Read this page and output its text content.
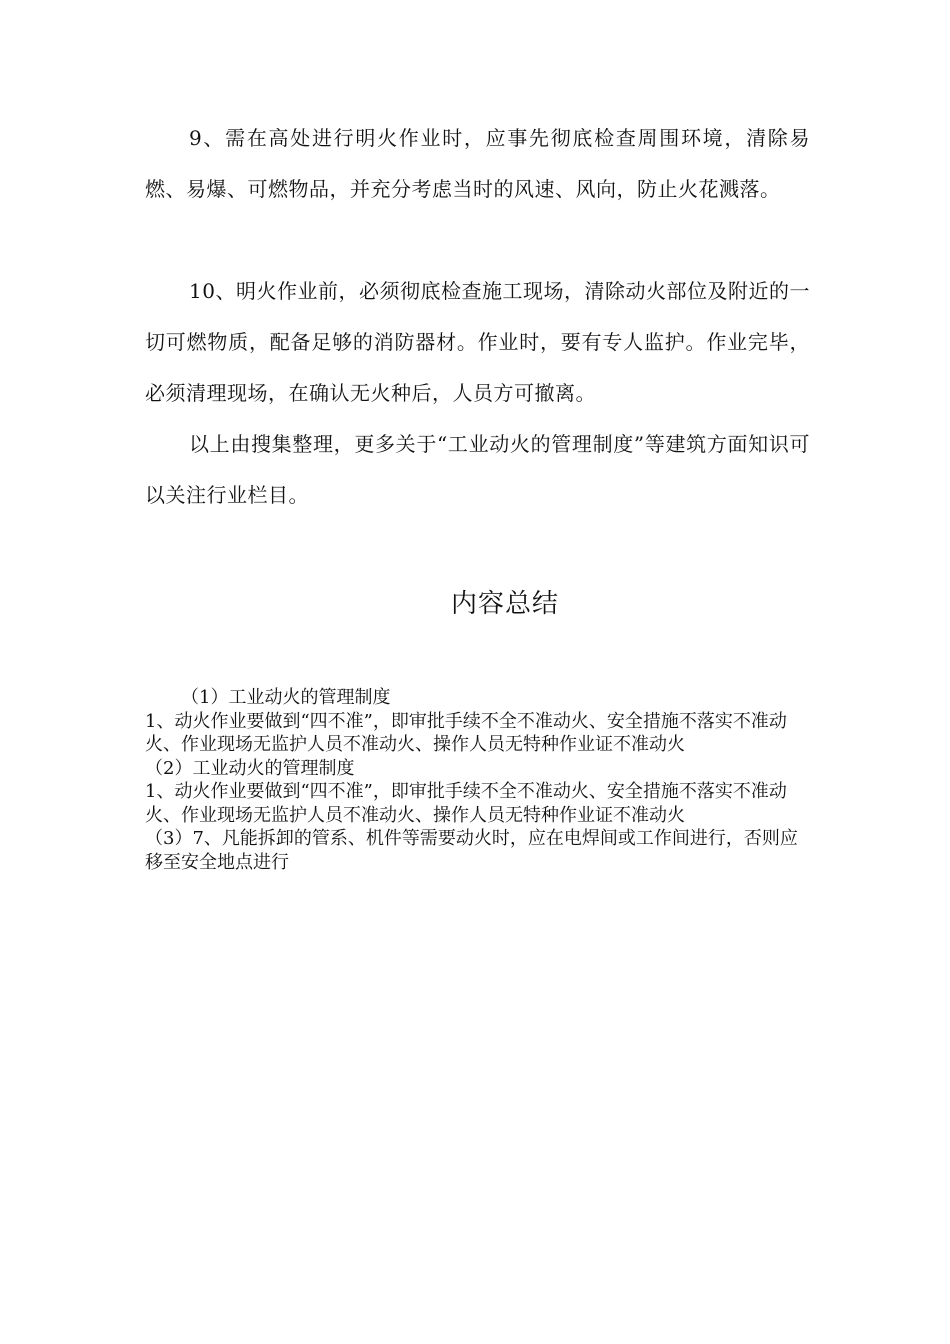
9、需在高处进行明火作业时，应事先彻底检查周围环境，清除易燃、易爆、可燃物品，并充分考虑当时的风速、风向，防止火花溅落。

10、明火作业前，必须彻底检查施工现场，清除动火部位及附近的一切可燃物质，配备足够的消防器材。作业时，要有专人监护。作业完毕，必须清理现场，在确认无火种后，人员方可撤离。

以上由搜集整理，更多关于“工业动火的管理制度”等建筑方面知识可以关注行业栏目。

内容总结

（1）工业动火的管理制度

1、动火作业要做到“四不准”，即审批手续不全不准动火、安全措施不落实不准动火、作业现场无监护人员不准动火、操作人员无特种作业证不准动火

（2）工业动火的管理制度

1、动火作业要做到“四不准”，即审批手续不全不准动火、安全措施不落实不准动火、作业现场无监护人员不准动火、操作人员无特种作业证不准动火

（3）7、凡能拆卸的管系、机件等需要动火时，应在电焊间或工作间进行，否则应移至安全地点进行
